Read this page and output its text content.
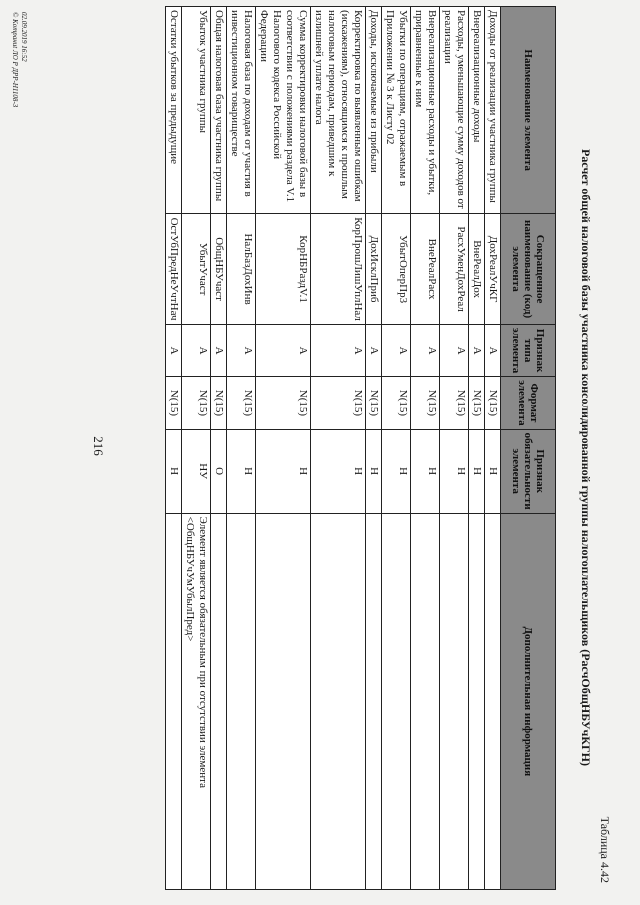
216
Таблица 4.42
Расчет общей налоговой базы участника консолидированной группы налогоплательщиков (РасчОбщНБУчКГН)
Наименование элемента	Сокращенное наименование (код) элемента	Признак типа элемента	Формат элемента	Признак обязательности элемента	Дополнительная информация
Доходы от реализации участника группы	ДохРеалУчКГ	А	N(15)	Н	
Внереализационные доходы	ВнеРеалДох	А	N(15)	Н	
Расходы, уменьшающие сумму доходов от реализации	РасхУменДохРеал	А	N(15)	Н	
Внереализационные расходы и убытки, приравненные к ним	ВнеРеалРасх	А	N(15)	Н	
Убытки по операциям, отражаемым в Приложении № 3 к Листу 02	УбытОперПр3	А	N(15)	Н	
Доходы, исключаемые из прибыли	ДохИсклПриб	А	N(15)	Н	
Корректировка по выявленным ошибкам (искажениям), относящимся к прошлым налоговым периодам, приведшим к излишней уплате налога	КорПрошЛишУплНал	А	N(15)	Н	
Сумма корректировки налоговой базы в соответствии с положениями раздела V.1 Налогового кодекса Российской Федерации	КорНБРаздV.1	А	N(15)	Н	
Налоговая база по доходам от участия в инвестиционном товариществе	НалБазДохИнв	А	N(15)	Н	
Общая налоговая база участника группы	ОбщНБУчаст	А	N(15)	О	
Убыток участника группы	УбытУчаст	А	N(15)	НУ	Элемент является обязательным при отсутствии элемента <ОбщНБУчУмУбылПред>
Остатки убытков за предыдущие	ОстУбПредНеУчтНач	А	N(15)	Н	
02.09.2019 16:52
© Kompaниt ЛО Р ДРР-Н1108-3
